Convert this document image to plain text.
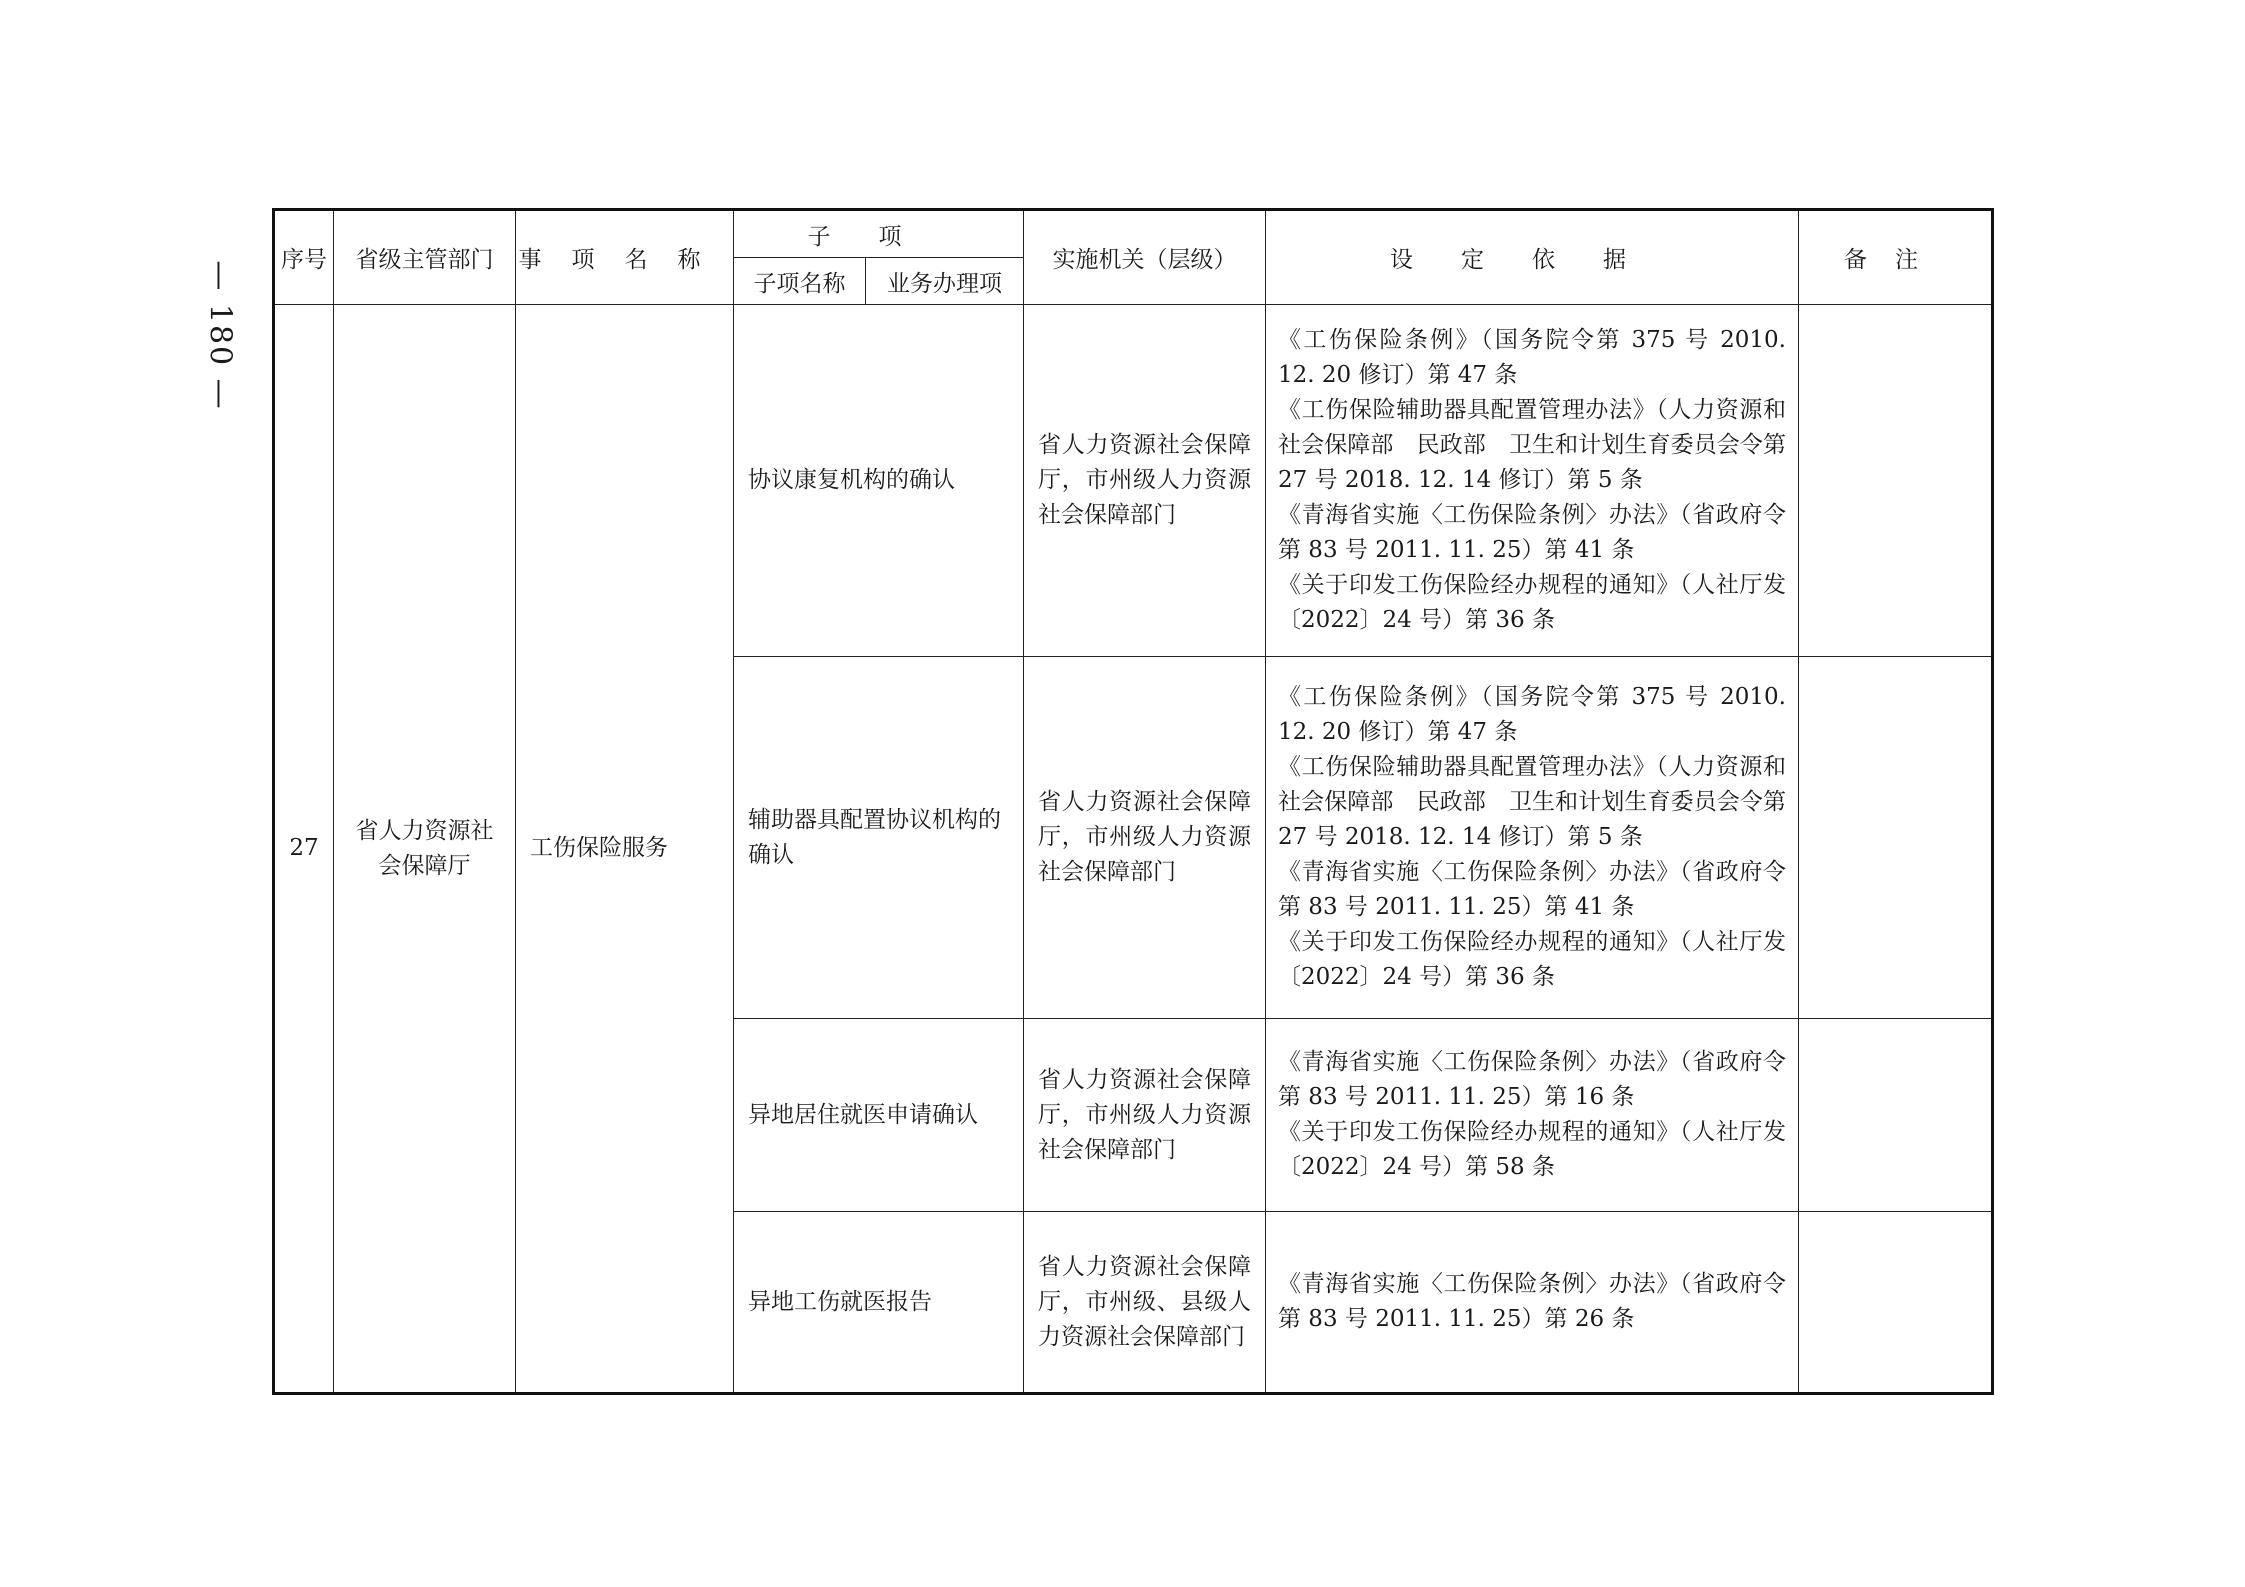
— 180 — 序号	省级主管部门	事项名称	子项		实施机关（层级）	设定依据	备注
			子项名称	业务办理项			
27	省人力资源社会保障厅	工伤保险服务	协议康复机构的确认		省人力资源社会保障厅，市州级人力资源社会保障部门	《工伤保险条例》（国务院令第 375 号 2010. 12. 20 修订）第 47 条
《工伤保险辅助器具配置管理办法》（人力资源和社会保障部　民政部　卫生和计划生育委员会令第 27 号 2018. 12. 14 修订）第 5 条
《青海省实施〈工伤保险条例〉办法》（省政府令第 83 号 2011. 11. 25）第 41 条
《关于印发工伤保险经办规程的通知》（人社厅发〔2022〕24 号）第 36 条	

			辅助器具配置协议机构的确认		省人力资源社会保障厅，市州级人力资源社会保障部门	《工伤保险条例》（国务院令第 375 号 2010. 12. 20 修订）第 47 条
《工伤保险辅助器具配置管理办法》（人力资源和社会保障部　民政部　卫生和计划生育委员会令第 27 号 2018. 12. 14 修订）第 5 条
《青海省实施〈工伤保险条例〉办法》（省政府令第 83 号 2011. 11. 25）第 41 条
《关于印发工伤保险经办规程的通知》（人社厅发〔2022〕24 号）第 36 条	

			异地居住就医申请确认		省人力资源社会保障厅，市州级人力资源社会保障部门	《青海省实施〈工伤保险条例〉办法》（省政府令第 83 号 2011. 11. 25）第 16 条
《关于印发工伤保险经办规程的通知》（人社厅发〔2022〕24 号）第 58 条	

			异地工伤就医报告		省人力资源社会保障厅，市州级、县级人力资源社会保障部门	《青海省实施〈工伤保险条例〉办法》（省政府令第 83 号 2011. 11. 25）第 26 条	
